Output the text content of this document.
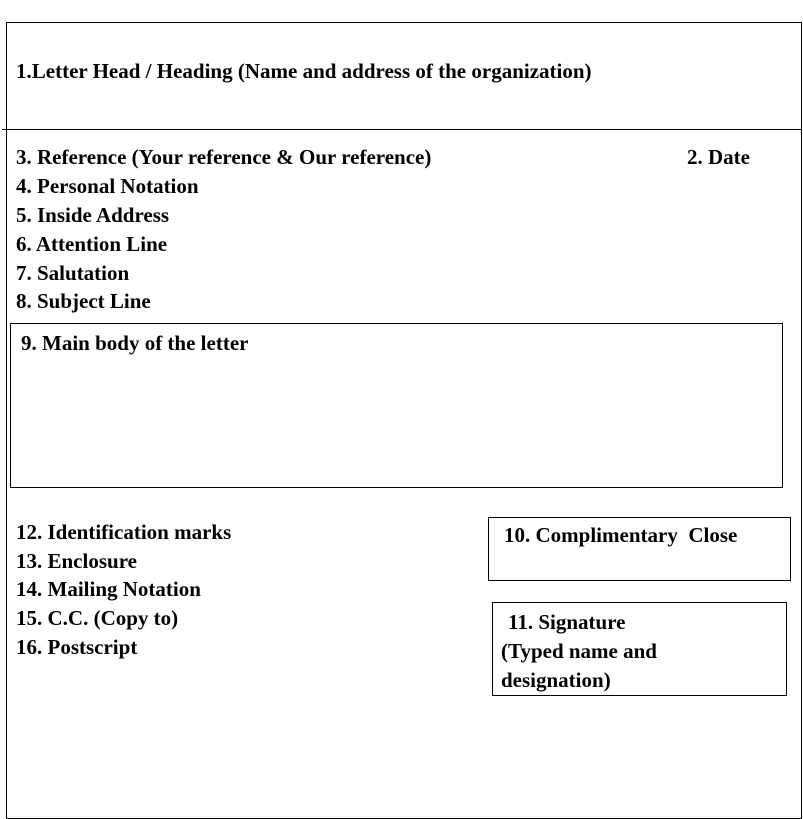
1.Letter Head / Heading (Name and address of the organization)
2. Date
3. Reference (Your reference & Our reference)
4. Personal Notation
5. Inside Address
6. Attention Line
7. Salutation
8. Subject Line
9. Main body of the letter
12. Identification marks
13. Enclosure
14. Mailing Notation
15. C.C. (Copy to)
16. Postscript
10. Complimentary  Close
11. Signature
(Typed name and
designation)
